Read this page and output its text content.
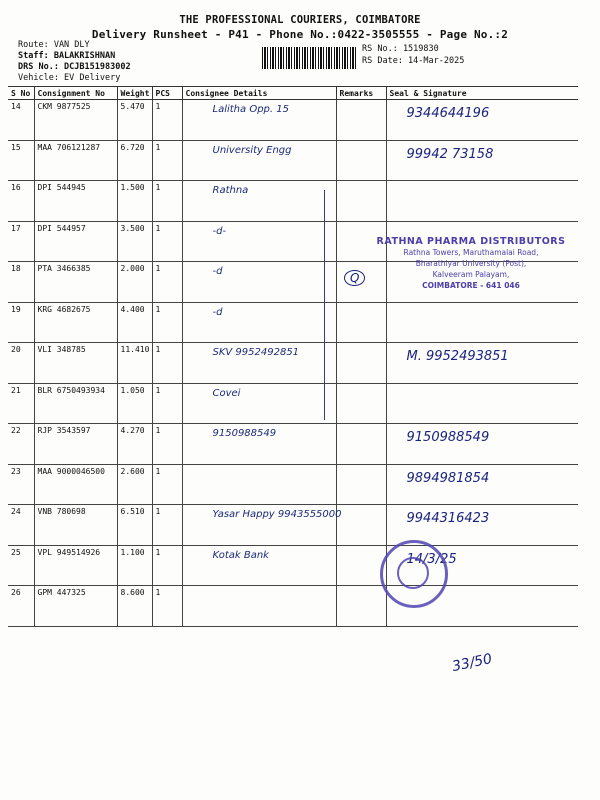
THE PROFESSIONAL COURIERS, COIMBATORE
Delivery Runsheet - P41 - Phone No.:0422-3505555 - Page No.:2
Route: VAN DLY
Staff: BALAKRISHNAN
DRS No.: DCJB151983002
Vehicle: EV Delivery
RS No.: 1519830
RS Date: 14-Mar-2025
S No	Consignment No	Weight	PCS	Consignee Details	Remarks	Seal & Signature
14	CKM 9877525	5.470	1	Lalitha Opp. 15		9344644196

15	MAA 706121287	6.720	1	University Engg		99942 73158

16	DPI 544945	1.500	1	Rathna		

17	DPI 544957	3.500	1	-d-		

18	PTA 3466385	2.000	1	-d		

19	KRG 4682675	4.400	1	-d		

20	VLI 348785	11.410	1	SKV 9952492851		M. 9952493851

21	BLR 6750493934	1.050	1	Covei		

22	RJP 3543597	4.270	1	9150988549		9150988549

23	MAA 9000046500	2.600	1			9894981854

24	VNB 780698	6.510	1	Yasar Happy 9943555000		9944316423

25	VPL 949514926	1.100	1	Kotak Bank		14/3/25

26	GPM 447325	8.600	1	

RATHNA PHARMA DISTRIBUTORS
Rathna Towers, Maruthamalai Road,
Bharathiyar University (Post),
Kalveeram Palayam,
COIMBATORE - 641 046
Q
33/50
